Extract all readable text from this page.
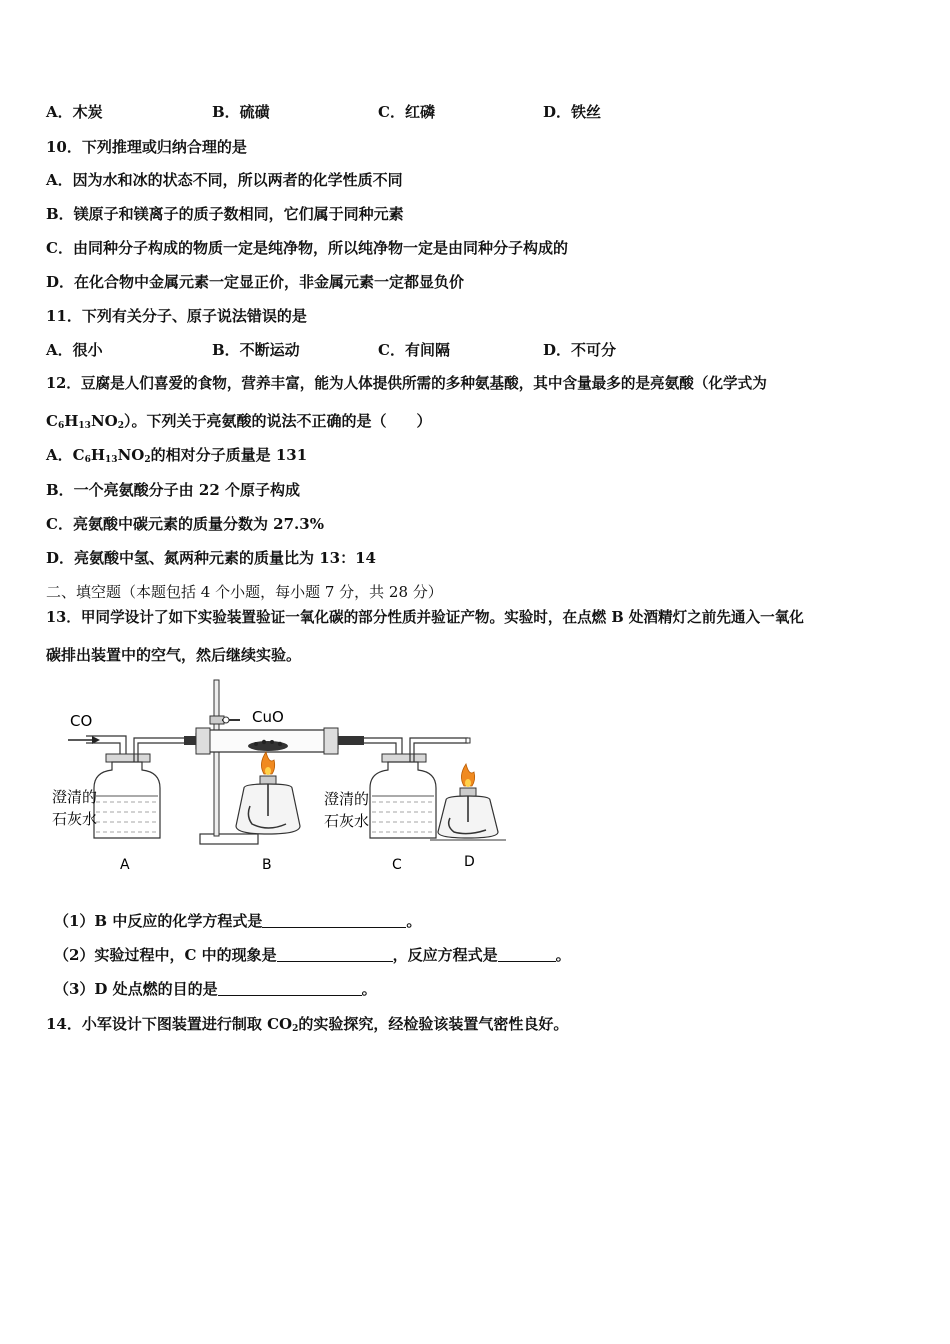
A．木炭	B．硫磺	C．红磷	D．铁丝
10．下列推理或归纳合理的是
A．因为水和冰的状态不同，所以两者的化学性质不同
B．镁原子和镁离子的质子数相同，它们属于同种元素
C．由同种分子构成的物质一定是纯净物，所以纯净物一定是由同种分子构成的
D．在化合物中金属元素一定显正价，非金属元素一定都显负价
11．下列有关分子、原子说法错误的是
A．很小	B．不断运动	C．有间隔	D．不可分
12．豆腐是人们喜爱的食物，营养丰富，能为人体提供所需的多种氨基酸，其中含量最多的是亮氨酸（化学式为
$C_6H_{13}NO_2$）。下列关于亮氨酸的说法不正确的是（　　）
A．$C_6H_{13}NO_2$的相对分子质量是 131
B．一个亮氨酸分子由 22 个原子构成
C．亮氨酸中碳元素的质量分数为 27.3%
D．亮氨酸中氢、氮两种元素的质量比为 13：14
二、填空题（本题包括 4 个小题，每小题 7 分，共 28 分）
13．甲同学设计了如下实验装置验证一氧化碳的部分性质并验证产物。实验时，在点燃 B 处酒精灯之前先通入一氧化
碳排出装置中的空气，然后继续实验。
CO
澄清的
石灰水
A
CuO
B
澄清的
石灰水
C	D
（1）B 中反应的化学方程式是	。
（2）实验过程中，C 中的现象是	，反应方程式是	。
（3）D 处点燃的目的是	。
14．小军设计下图装置进行制取 $CO_2$的实验探究，经检验该装置气密性良好。
